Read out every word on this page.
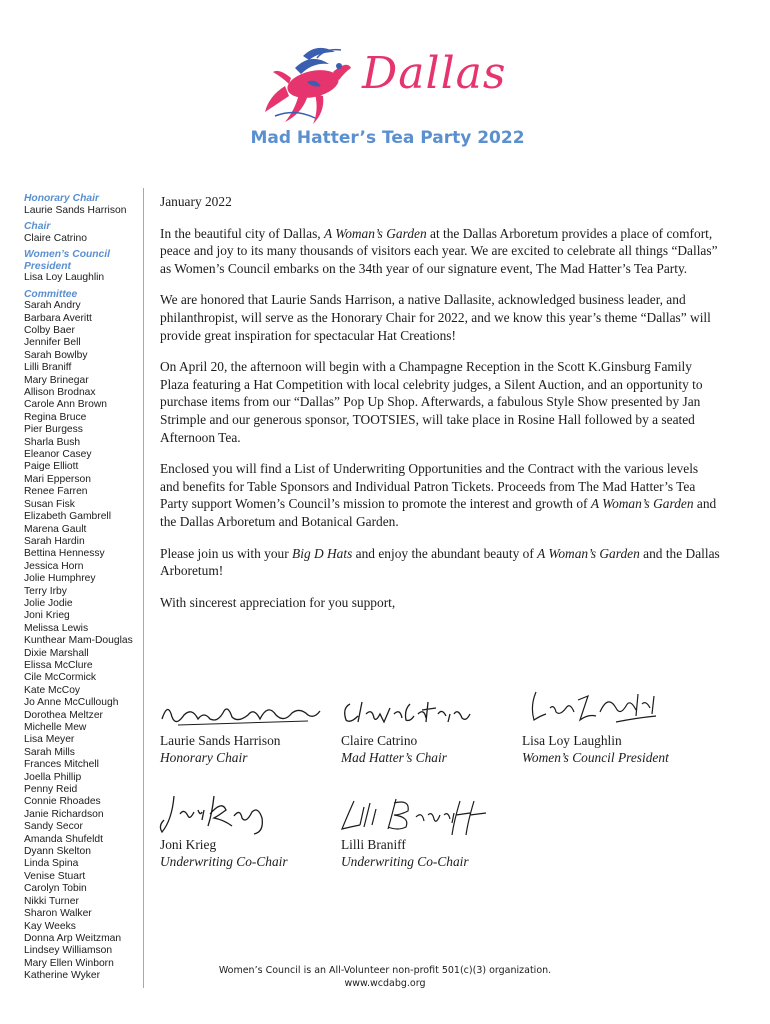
Dallas
Mad Hatter’s Tea Party 2022
Honorary Chair
Laurie Sands Harrison
Chair
Claire Catrino
Women’s Council
President
Lisa Loy Laughlin
Committee
Sarah Andry
Barbara Averitt
Colby Baer
Jennifer Bell
Sarah Bowlby
Lilli Braniff
Mary Brinegar
Allison Brodnax
Carole Ann Brown
Regina Bruce
Pier Burgess
Sharla Bush
Eleanor Casey
Paige Elliott
Mari Epperson
Renee Farren
Susan Fisk
Elizabeth Gambrell
Marena Gault
Sarah Hardin
Bettina Hennessy
Jessica Horn
Jolie Humphrey
Terry Irby
Jolie Jodie
Joni Krieg
Melissa Lewis
Kunthear Mam-Douglas
Dixie Marshall
Elissa McClure
Cile McCormick
Kate McCoy
Jo Anne McCullough
Dorothea Meltzer
Michelle Mew
Lisa Meyer
Sarah Mills
Frances Mitchell
Joella Phillip
Penny Reid
Connie Rhoades
Janie Richardson
Sandy Secor
Amanda Shufeldt
Dyann Skelton
Linda Spina
Venise Stuart
Carolyn Tobin
Nikki Turner
Sharon Walker
Kay Weeks
Donna Arp Weitzman
Lindsey Williamson
Mary Ellen Winborn
Katherine Wyker
January 2022

In the beautiful city of Dallas, A Woman’s Garden at the Dallas Arboretum provides a place of comfort, peace and joy to its many thousands of visitors each year. We are excited to celebrate all things “Dallas” as Women’s Council embarks on the 34th year of our signature event, The Mad Hatter’s Tea Party.

We are honored that Laurie Sands Harrison, a native Dallasite, acknowledged business leader, and philanthropist, will serve as the Honorary Chair for 2022, and we know this year’s theme “Dallas” will provide great inspiration for spectacular Hat Creations!

On April 20, the afternoon will begin with a Champagne Reception in the Scott K.Ginsburg Family Plaza featuring a Hat Competition with local celebrity judges, a Silent Auction, and an opportunity to purchase items from our “Dallas” Pop Up Shop. Afterwards, a fabulous Style Show presented by Jan Strimple and our generous sponsor, TOOTSIES, will take place in Rosine Hall followed by a seated Afternoon Tea.

Enclosed you will find a List of Underwriting Opportunities and the Contract with the various levels and benefits for Table Sponsors and Individual Patron Tickets. Proceeds from The Mad Hatter’s Tea Party support Women’s Council’s mission to promote the interest and growth of A Woman’s Garden and the Dallas Arboretum and Botanical Garden.

Please join us with your Big D Hats and enjoy the abundant beauty of A Woman’s Garden and the Dallas Arboretum!

With sincerest appreciation for you support,

Laurie Sands Harrison
Honorary Chair
Claire Catrino
Mad Hatter’s Chair
Lisa Loy Laughlin
Women’s Council President
Joni Krieg
Underwriting Co-Chair
Lilli Braniff
Underwriting Co-Chair
Women’s Council is an All-Volunteer non-profit 501(c)(3) organization.
www.wcdabg.org
